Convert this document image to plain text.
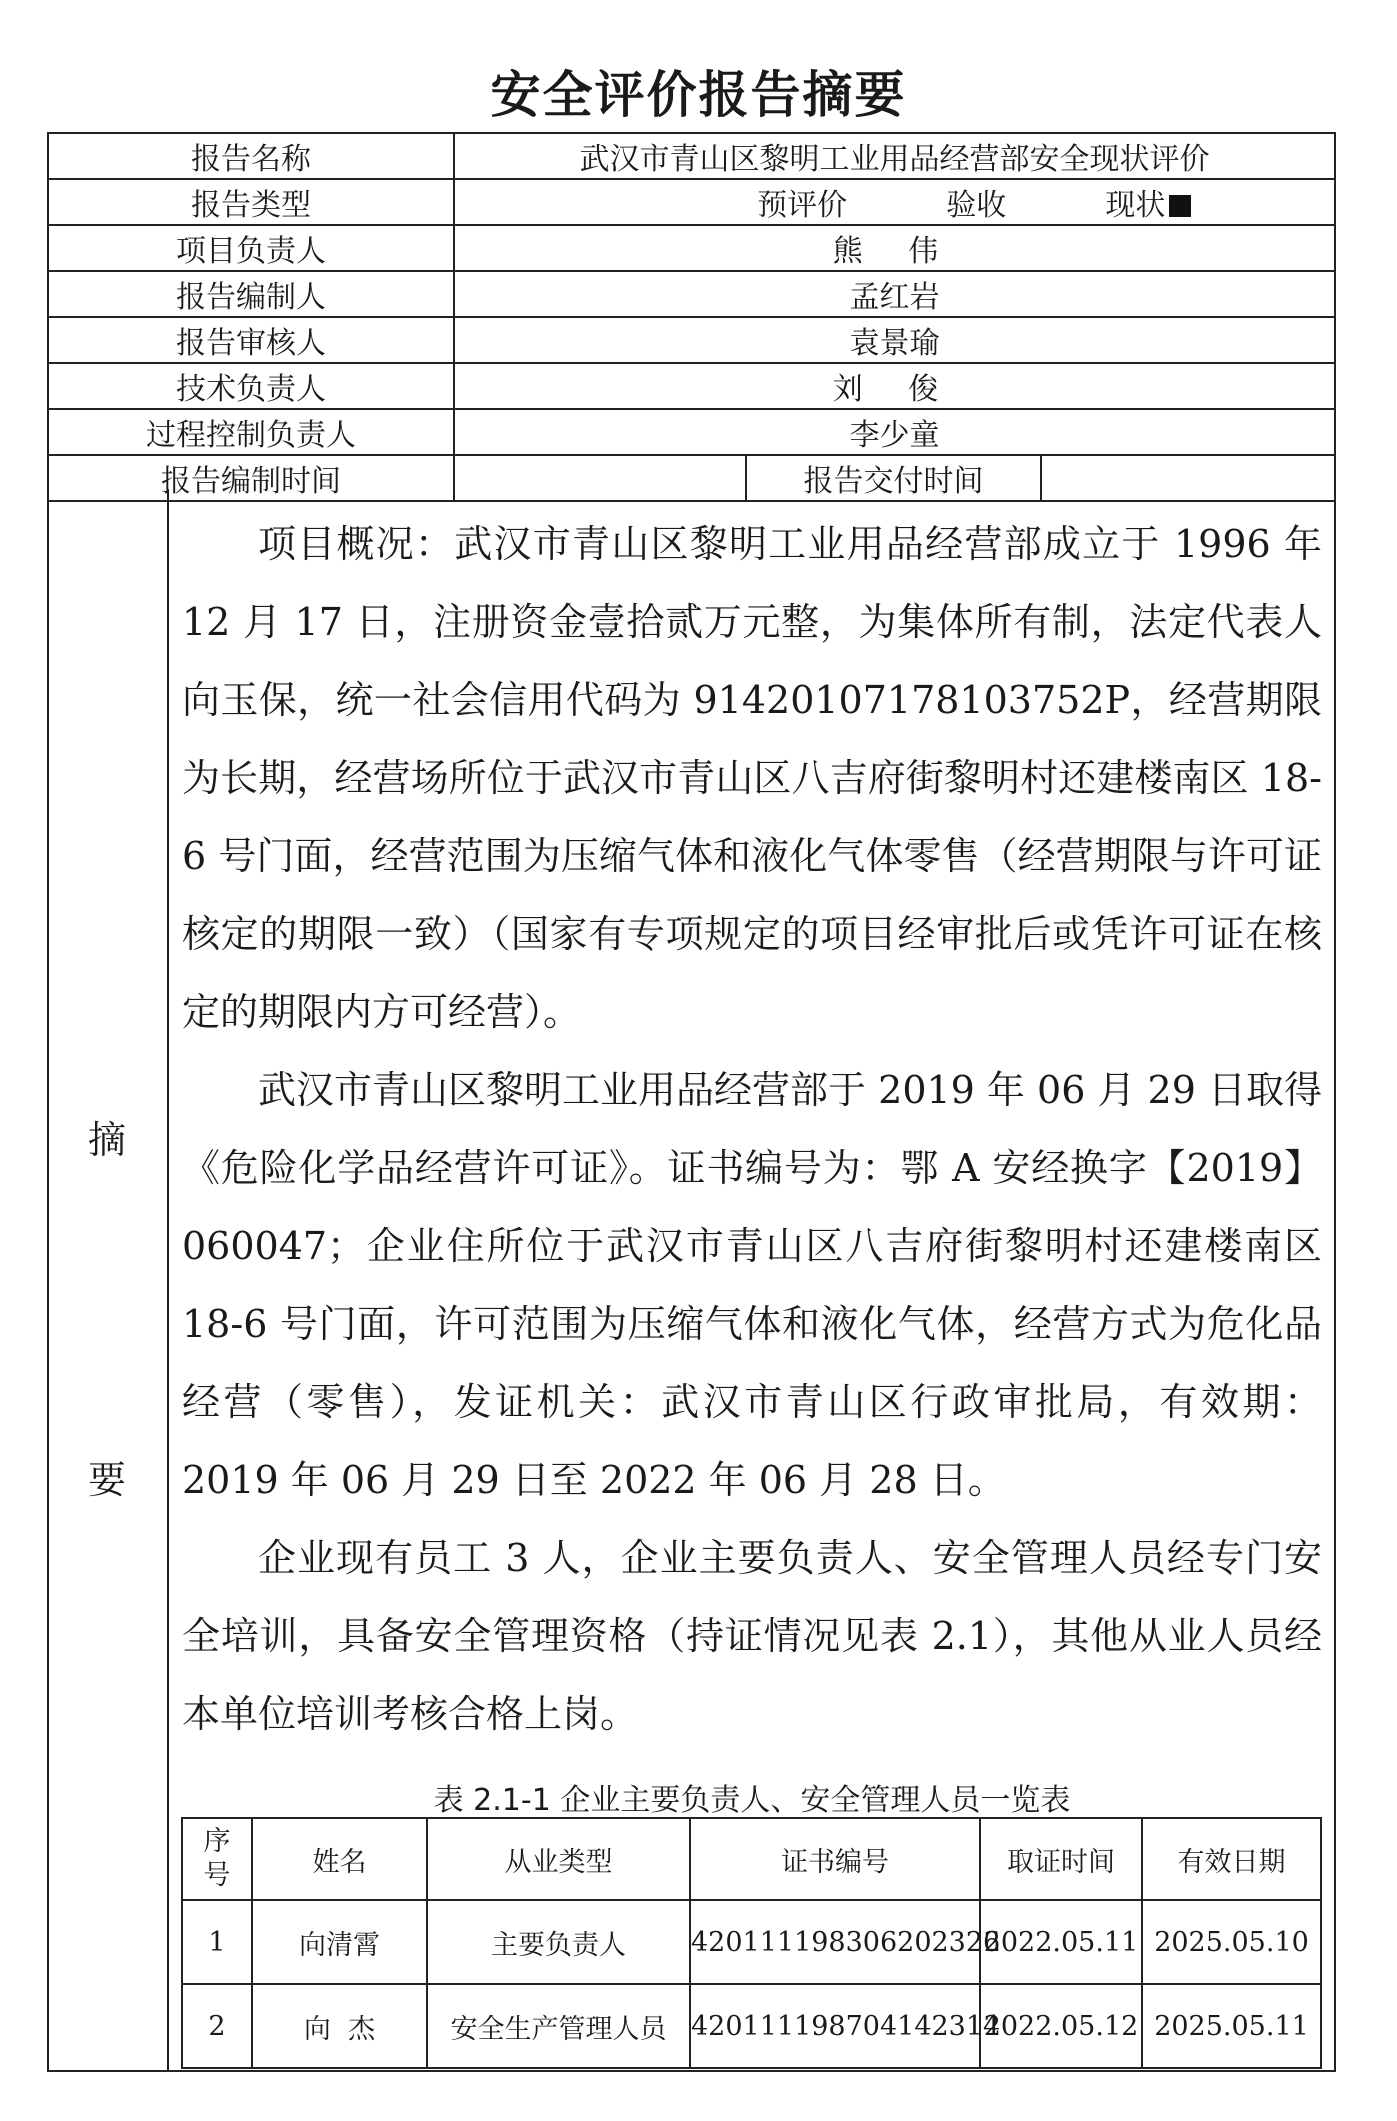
安全评价报告摘要
报告名称	武汉市青山区黎明工业用品经营部安全现状评价		
报告类型	预评价 验收 现状		
项目负责人	熊 伟		
报告编制人	孟红岩		
报告审核人	袁景瑜		
技术负责人	刘 俊		
过程控制负责人	李少童		
报告编制时间		报告交付时间	
摘
要

项目概况：武汉市青山区黎明工业用品经营部成立于 1996 年 12 月 17 日，注册资金壹拾贰万元整，为集体所有制，法定代表人向玉保，统一社会信用代码为 91420107178103752P，经营期限为长期，经营场所位于武汉市青山区八吉府街黎明村还建楼南区 18-6 号门面，经营范围为压缩气体和液化气体零售（经营期限与许可证核定的期限一致）（国家有专项规定的项目经审批后或凭许可证在核定的期限内方可经营）。

武汉市青山区黎明工业用品经营部于 2019 年 06 月 29 日取得《危险化学品经营许可证》。证书编号为：鄂 A 安经换字【2019】060047；企业住所位于武汉市青山区八吉府街黎明村还建楼南区 18-6 号门面，许可范围为压缩气体和液化气体，经营方式为危化品经营（零售），发证机关：武汉市青山区行政审批局，有效期：2019 年 06 月 29 日至 2022 年 06 月 28 日。

企业现有员工 3 人，企业主要负责人、安全管理人员经专门安全培训，具备安全管理资格（持证情况见表 2.1），其他从业人员经本单位培训考核合格上岗。

表 2.1-1 企业主要负责人、安全管理人员一览表
序号	姓名	从业类型	证书编号	取证时间	有效日期
1	向清霄	主要负责人	420111198306202326	2022.05.11	2025.05.10
2	向  杰	安全生产管理人员	420111198704142314	2022.05.12	2025.05.11
